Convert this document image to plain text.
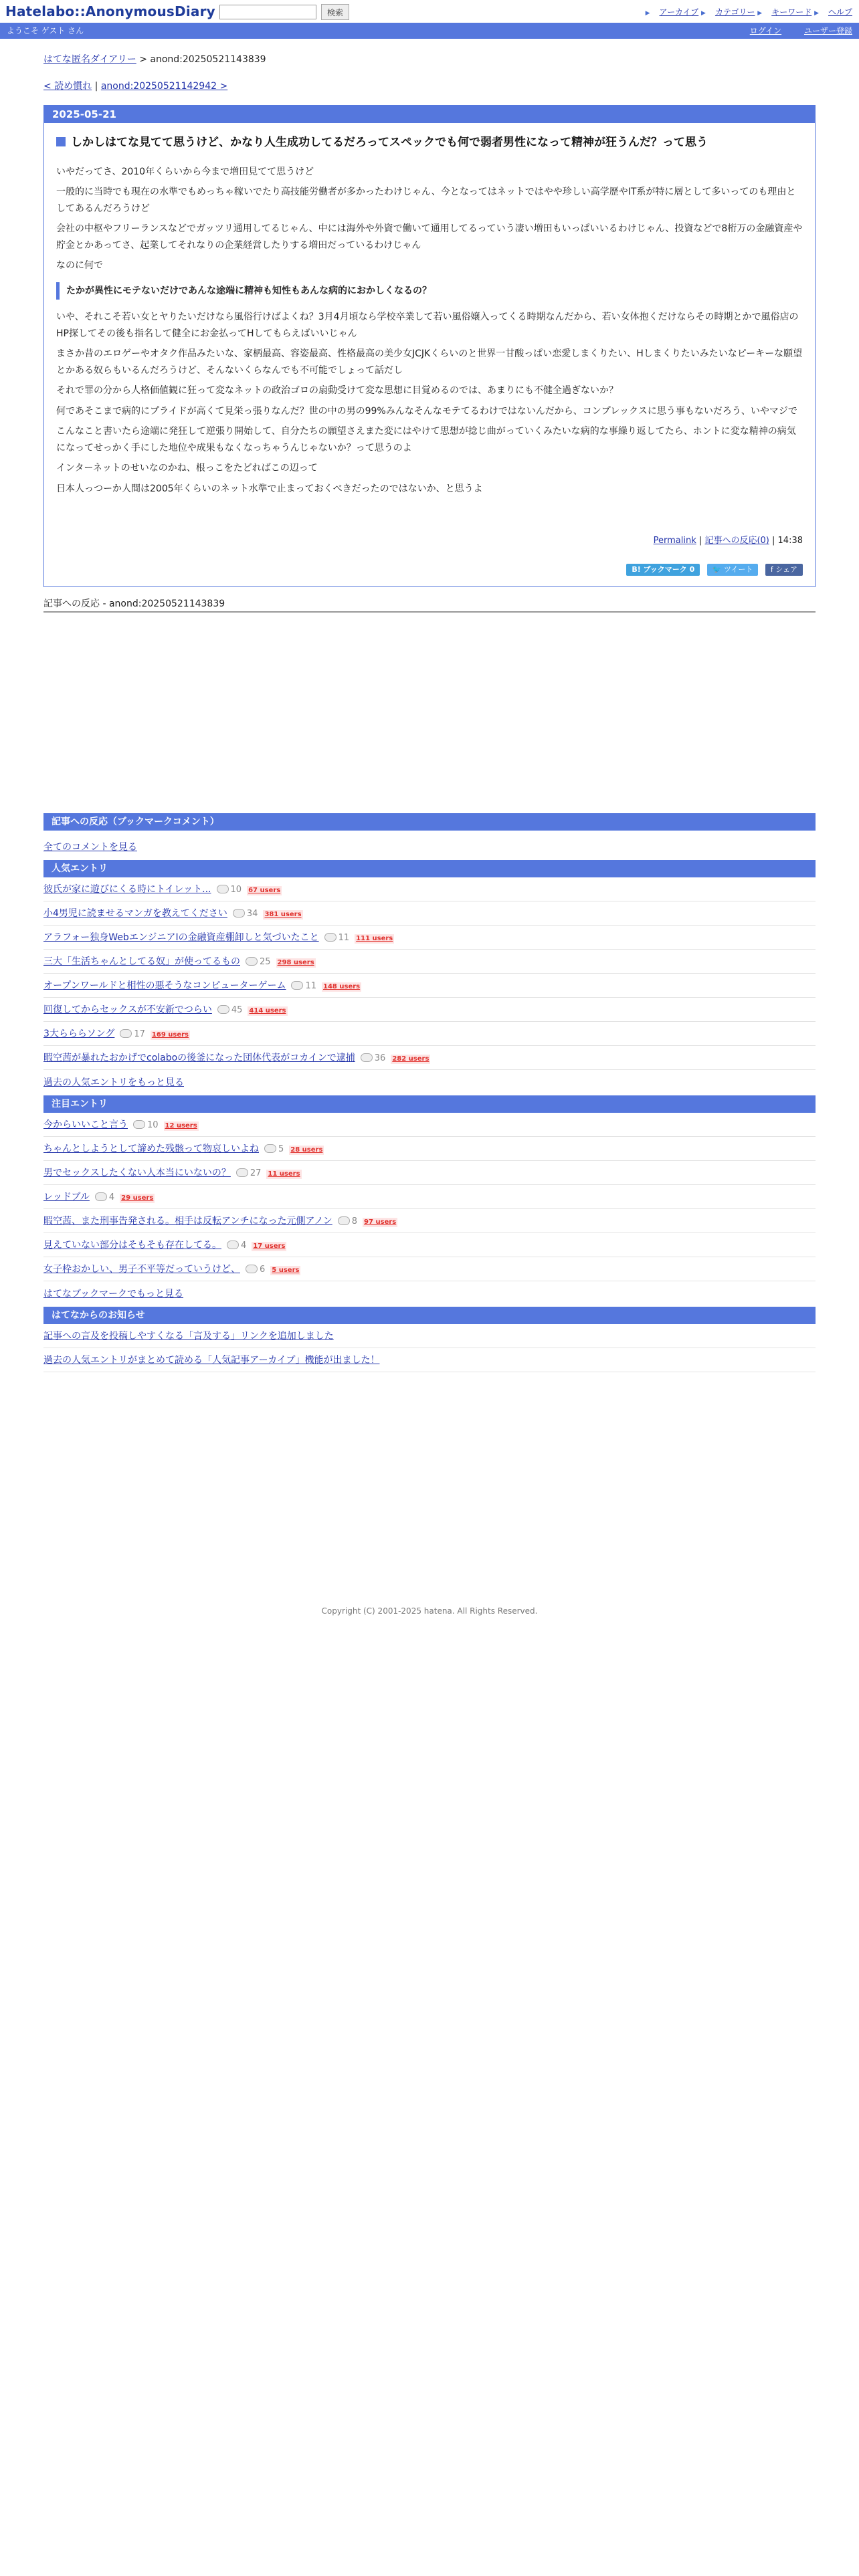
Hatelabo::AnonymousDiary	検索	▶ アーカイブ ▶ カテゴリー ▶ キーワード ▶ ヘルプ
ようこそ ゲスト さん	ログイン	ユーザー登録
はてな匿名ダイアリー > anond:20250521143839
< 読め慣れ | anond:20250521142942 >
2025-05-21
しかしはてな見てて思うけど、かなり人生成功してるだろってスペックでも何で弱者男性になって精神が狂うんだ？って思う

いやだってさ、2010年くらいから今まで増田見てて思うけど

一般的に当時でも現在の水準でもめっちゃ稼いでたり高技能労働者が多かったわけじゃん、今となってはネットではやや珍しい高学歴やIT系が特に層として多いってのも理由としてあるんだろうけど

会社の中枢やフリーランスなどでガッツリ通用してるじゃん、中には海外や外資で働いて通用してるっていう凄い増田もいっぱいいるわけじゃん、投資などで8桁万の金融資産や貯金とかあってさ、起業してそれなりの企業経営したりする増田だっているわけじゃん

なのに何で

たかが異性にモテないだけであんな途端に精神も知性もあんな病的におかしくなるの？

いや、それこそ若い女とヤりたいだけなら風俗行けばよくね？3月4月頃なら学校卒業して若い風俗嬢入ってくる時期なんだから、若い女体抱くだけならその時期とかで風俗店のHP探してその後も指名して健全にお金払ってHしてもらえばいいじゃん

まさか昔のエロゲーやオタク作品みたいな、家柄最高、容姿最高、性格最高の美少女JCJKくらいのと世界一甘酸っぱい恋愛しまくりたい、Hしまくりたいみたいなピーキーな願望とかある奴らもいるんだろうけど、そんないくらなんでも不可能でしょって話だし

それで罪の分から人格価値観に狂って変なネットの政治ゴロの扇動受けて変な思想に目覚めるのでは、あまりにも不健全過ぎないか？

何であそこまで病的にプライドが高くて見栄っ張りなんだ？世の中の男の99%みんなそんなモテてるわけではないんだから、コンプレックスに思う事もないだろう、いやマジで

こんなこと書いたら途端に発狂して逆張り開始して、自分たちの願望さえまた変にはやけて思想が捻じ曲がっていくみたいな病的な事繰り返してたら、ホントに変な精神の病気になってせっかく手にした地位や成果もなくなっちゃうんじゃないか？って思うのよ

インターネットのせいなのかね、根っこをたどればこの辺って

日本人っつーか人間は2005年くらいのネット水準で止まっておくべきだったのではないか、と思うよ

Permalink | 記事への反応(0) | 14:38
B! ブックマーク 0 🐦 ツイート f シェア
記事への反応 - anond:20250521143839
記事への反応（ブックマークコメント）
全てのコメントを見る
人気エントリ
彼氏が家に遊びにくる時にトイレット... 10 67 users
小4男児に読ませるマンガを教えてください 34 381 users
アラフォー独身WebエンジニアIの金融資産棚卸しと気づいたこと 11 111 users
三大「生活ちゃんとしてる奴」が使ってるもの 25 298 users
オープンワールドと相性の悪そうなコンピューターゲーム 11 148 users
回復してからセックスが不安新でつらい 45 414 users
3大らららソング 17 169 users
暇空茜が暴れたおかげでcolaboの後釜になった団体代表がコカインで逮捕 36 282 users
過去の人気エントリをもっと見る
注目エントリ
今からいいこと言う 10 12 users
ちゃんとしようとして諦めた残骸って物哀しいよね 5 28 users
男でセックスしたくない人本当にいないの？ 27 11 users
レッドブル 4 29 users
暇空茜、また刑事告発される。相手は反転アンチになった元側アノン 8 97 users
見えていない部分はそもそも存在してる。 4 17 users
女子枠おかしい、男子不平等だっていうけど、 6 5 users
はてなブックマークでもっと見る
はてなからのお知らせ
記事への言及を投稿しやすくなる「言及する」リンクを追加しました
過去の人気エントリがまとめて読める「人気記事アーカイブ」機能が出ました！
Copyright (C) 2001-2025 hatena. All Rights Reserved.
